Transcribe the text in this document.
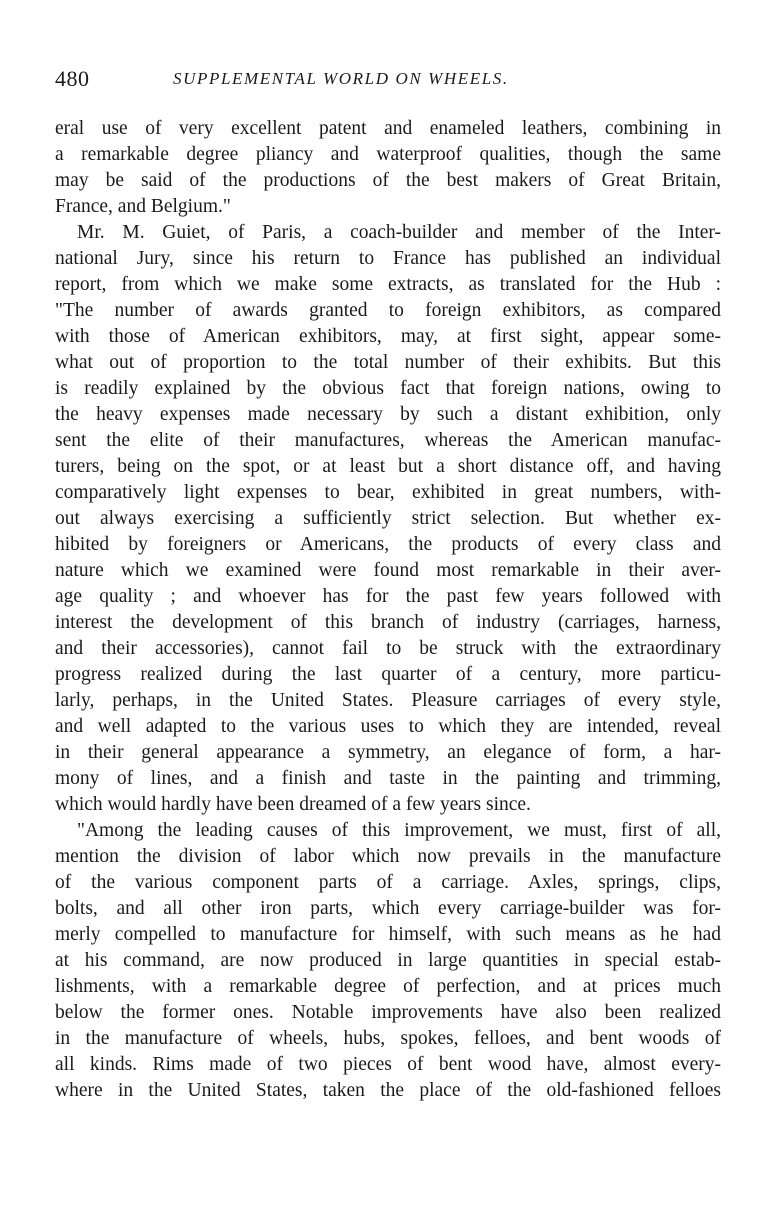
480	SUPPLEMENTAL WORLD ON WHEELS.
eral use of very excellent patent and enameled leathers, combining in
a remarkable degree pliancy and waterproof qualities, though the same
may be said of the productions of the best makers of Great Britain,
France, and Belgium."
Mr. M. Guiet, of Paris, a coach-builder and member of the Inter-
national Jury, since his return to France has published an individual
report, from which we make some extracts, as translated for the Hub :
"The number of awards granted to foreign exhibitors, as compared
with those of American exhibitors, may, at first sight, appear some-
what out of proportion to the total number of their exhibits. But this
is readily explained by the obvious fact that foreign nations, owing to
the heavy expenses made necessary by such a distant exhibition, only
sent the elite of their manufactures, whereas the American manufac-
turers, being on the spot, or at least but a short distance off, and having
comparatively light expenses to bear, exhibited in great numbers, with-
out always exercising a sufficiently strict selection. But whether ex-
hibited by foreigners or Americans, the products of every class and
nature which we examined were found most remarkable in their aver-
age quality ; and whoever has for the past few years followed with
interest the development of this branch of industry (carriages, harness,
and their accessories), cannot fail to be struck with the extraordinary
progress realized during the last quarter of a century, more particu-
larly, perhaps, in the United States. Pleasure carriages of every style,
and well adapted to the various uses to which they are intended, reveal
in their general appearance a symmetry, an elegance of form, a har-
mony of lines, and a finish and taste in the painting and trimming,
which would hardly have been dreamed of a few years since.
"Among the leading causes of this improvement, we must, first of all,
mention the division of labor which now prevails in the manufacture
of the various component parts of a carriage. Axles, springs, clips,
bolts, and all other iron parts, which every carriage-builder was for-
merly compelled to manufacture for himself, with such means as he had
at his command, are now produced in large quantities in special estab-
lishments, with a remarkable degree of perfection, and at prices much
below the former ones. Notable improvements have also been realized
in the manufacture of wheels, hubs, spokes, felloes, and bent woods of
all kinds. Rims made of two pieces of bent wood have, almost every-
where in the United States, taken the place of the old-fashioned felloes
